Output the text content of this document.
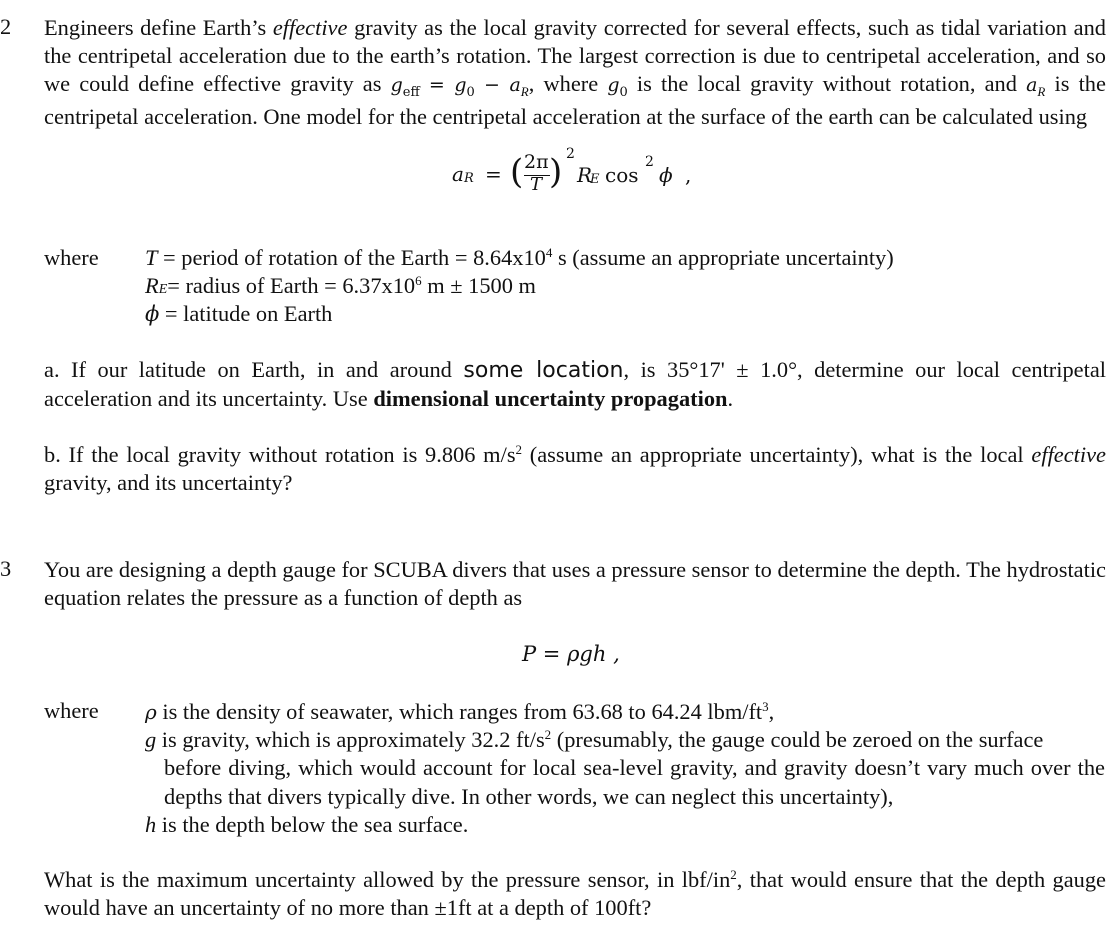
2 Engineers define Earth’s effective gravity as the local gravity corrected for several effects, such as tidal variation and the centripetal acceleration due to the earth’s rotation. The largest correction is due to centripetal acceleration, and so we could define effective gravity as $g_{eff} = g_0 - a_R$, where $g_0$ is the local gravity without rotation, and $a_R$ is the centripetal acceleration. One model for the centripetal acceleration at the surface of the earth can be calculated using
a R = ( 2π
T ) 2
R
E cos
2
ϕ ,
where T = period of rotation of the Earth = $8.64x10^4$ s (assume an appropriate uncertainty)
RE= radius of Earth = $6.37x10^6$ m ± 1500 m
ϕ = latitude on Earth
a. If our latitude on Earth, in and around some location, is 35°17' ± 1.0°, determine our local centripetal acceleration and its uncertainty. Use dimensional uncertainty propagation.
b. If the local gravity without rotation is 9.806 $m/s^2$ (assume an appropriate uncertainty), what is the local effective gravity, and its uncertainty?
3 You are designing a depth gauge for SCUBA divers that uses a pressure sensor to determine the depth. The hydrostatic equation relates the pressure as a function of depth as
P = ρgh ,
where ρ is the density of seawater, which ranges from 63.68 to 64.24 lbm/$ft^3$,
g is gravity, which is approximately 32.2 $ft/s^2$ (presumably, the gauge could be zeroed on the surface
before diving, which would account for local sea-level gravity, and gravity doesn’t vary much over the depths that divers typically dive. In other words, we can neglect this uncertainty),
h is the depth below the sea surface.
What is the maximum uncertainty allowed by the pressure sensor, in lbf/$in^2$, that would ensure that the depth gauge would have an uncertainty of no more than ±1ft at a depth of 100ft?
